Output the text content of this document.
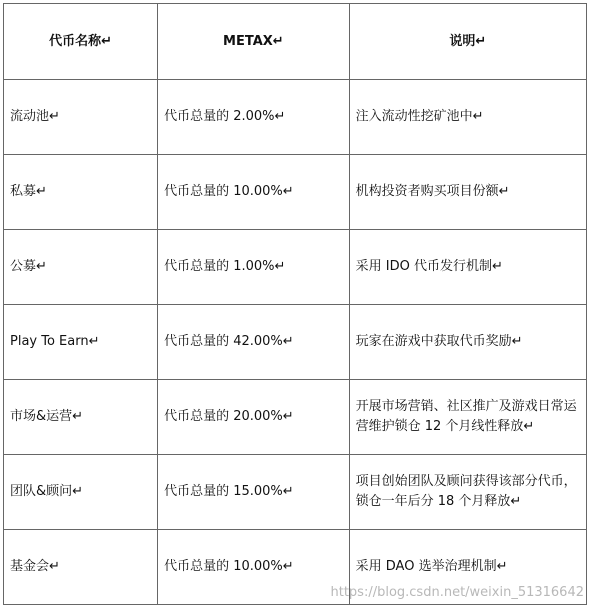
代币名称↵	METAX↵	说明↵
流动池↵	代币总量的 2.00%↵	注入流动性挖矿池中↵
私募↵	代币总量的 10.00%↵	机构投资者购买项目份额↵
公募↵	代币总量的 1.00%↵	采用 IDO 代币发行机制↵
Play To Earn↵	代币总量的 42.00%↵	玩家在游戏中获取代币奖励↵
市场&运营↵	代币总量的 20.00%↵	开展市场营销、社区推广及游戏日常运营维护锁仓 12 个月线性释放↵
团队&顾问↵	代币总量的 15.00%↵	项目创始团队及顾问获得该部分代币，锁仓一年后分 18 个月释放↵
基金会↵	代币总量的 10.00%↵	采用 DAO 选举治理机制↵
https://blog.csdn.net/weixin_51316642
